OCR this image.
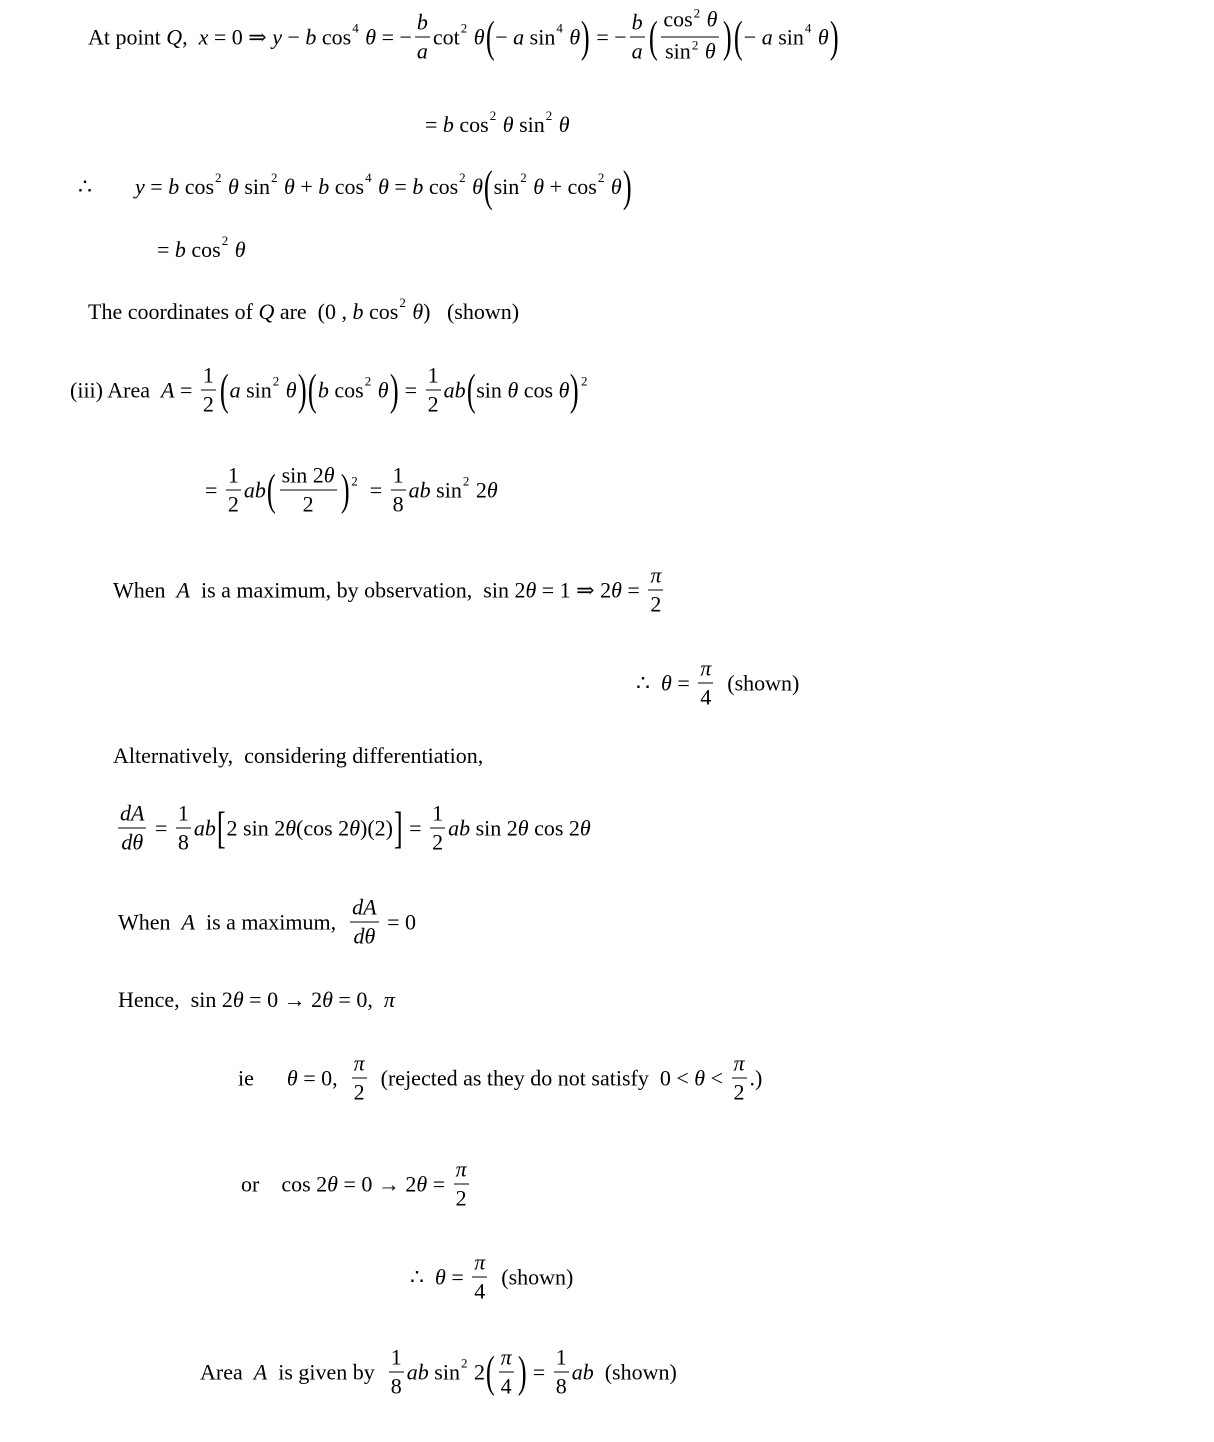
At point Q , x = 0 ⇒ y − b cos 4
θ = − $\frac{b}{a}$ cot 2
θ ( − a sin 4
θ ) = − $\frac{b}{a}$ ( $\frac{\cos^2 \theta}{\sin^2 \theta}$ ) ( − a sin 4
θ )
= b cos 2
θ sin 2
θ
∴ y = b cos 2
θ sin 2
θ + b cos 4
θ = b cos 2
θ ( sin 2
θ + cos 2
θ )
= b cos 2
θ
The coordinates of Q are  (0 , b cos 2
θ )   (shown)
(iii) Area $A = \frac{1}{2}$ ( a sin 2
θ ) ( b cos 2
θ ) = $\frac{1}{2}$ ab ( sin θ cos θ ) 2
= $\frac{1}{2}$ ab ( $\frac{\sin 2\theta}{2}$ ) $2 = \frac{1}{8}$ ab sin 2 2 θ
When A is a maximum, by observation,  sin 2 θ = 1 ⇒ 2 $\theta = \frac{\pi}{2}$
∴ $\theta = \frac{\pi}{4}$ (shown)
Alternatively,  considering differentiation,
$\frac{dA}{d\theta} = \frac{1}{8}$ ab [ 2 sin 2 θ (cos 2 θ )(2) ] = $\frac{1}{2}$ ab sin 2 θ cos 2 θ
When A is a maximum, $\frac{dA}{d\theta} = 0$
Hence,  sin 2 θ = 0 → 2 θ = 0, π
ie θ = 0, $\frac{\pi}{2}$ (rejected as they do not satisfy  $0 < \theta < \frac{\pi}{2}$ .)
or    cos 2 θ = 0 → 2 $\theta = \frac{\pi}{2}$
∴ $\theta = \frac{\pi}{4}$ (shown)
Area A is given by $\frac{1}{8}$ ab sin 2 2 ( $\frac{\pi}{4}$ ) = $\frac{1}{8}$ ab (shown)
